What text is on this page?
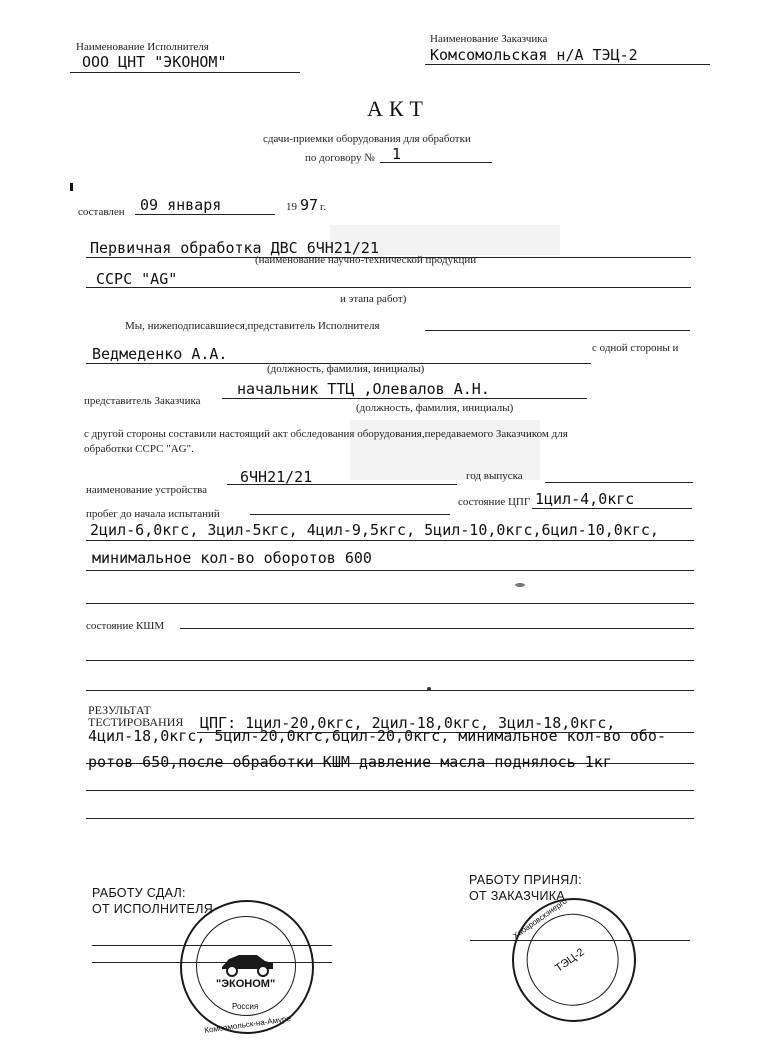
Наименование Исполнителя
ООО ЦНТ "ЭКОНОМ"
Наименование Заказчика
Комсомольская н/А ТЭЦ-2
АКТ
сдачи-приемки оборудования для обработки
по договору № 1
составлен 09 января	19 97 г.
Первичная обработка ДВС 6ЧН21/21
(наименование научно-технической продукции
ССРС "AG"
и этапа работ)
Мы, нижеподписавшиеся,представитель Исполнителя
Ведмеденко А.А.	с одной стороны и
(должность, фамилия, инициалы)
представитель Заказчика
начальник ТТЦ ,Олевалов А.Н.
(должность, фамилия, инициалы)
с другой стороны составили настоящий акт обследования оборудования,передаваемого Заказчиком для
обработки ССРС "AG".
наименование устройства
6ЧН21/21	год выпуска
пробег до начала испытаний
состояние ЦПГ 1цил-4,0кгс
2цил-6,0кгс, 3цил-5кгс, 4цил-9,5кгс, 5цил-10,0кгс,6цил-10,0кгс,
минимальное кол-во оборотов 600
состояние КШМ
РЕЗУЛЬТАТ
ТЕСТИРОВАНИЯ ЦПГ: 1цил-20,0кгс, 2цил-18,0кгс, 3цил-18,0кгс,
4цил-18,0кгс, 5цил-20,0кгс,6цил-20,0кгс, минимальное кол-во обо-
ротов 650,после обработки КШМ давление масла поднялось 1кг
РАБОТУ СДАЛ:
ОТ ИСПОЛНИТЕЛЯ
РАБОТУ ПРИНЯЛ:
ОТ ЗАКАЗЧИКА
"ЭКОНОМ"
Россия
Комсомольск-на-Амуре
ТЭЦ-2
Хабаровскэнерго
